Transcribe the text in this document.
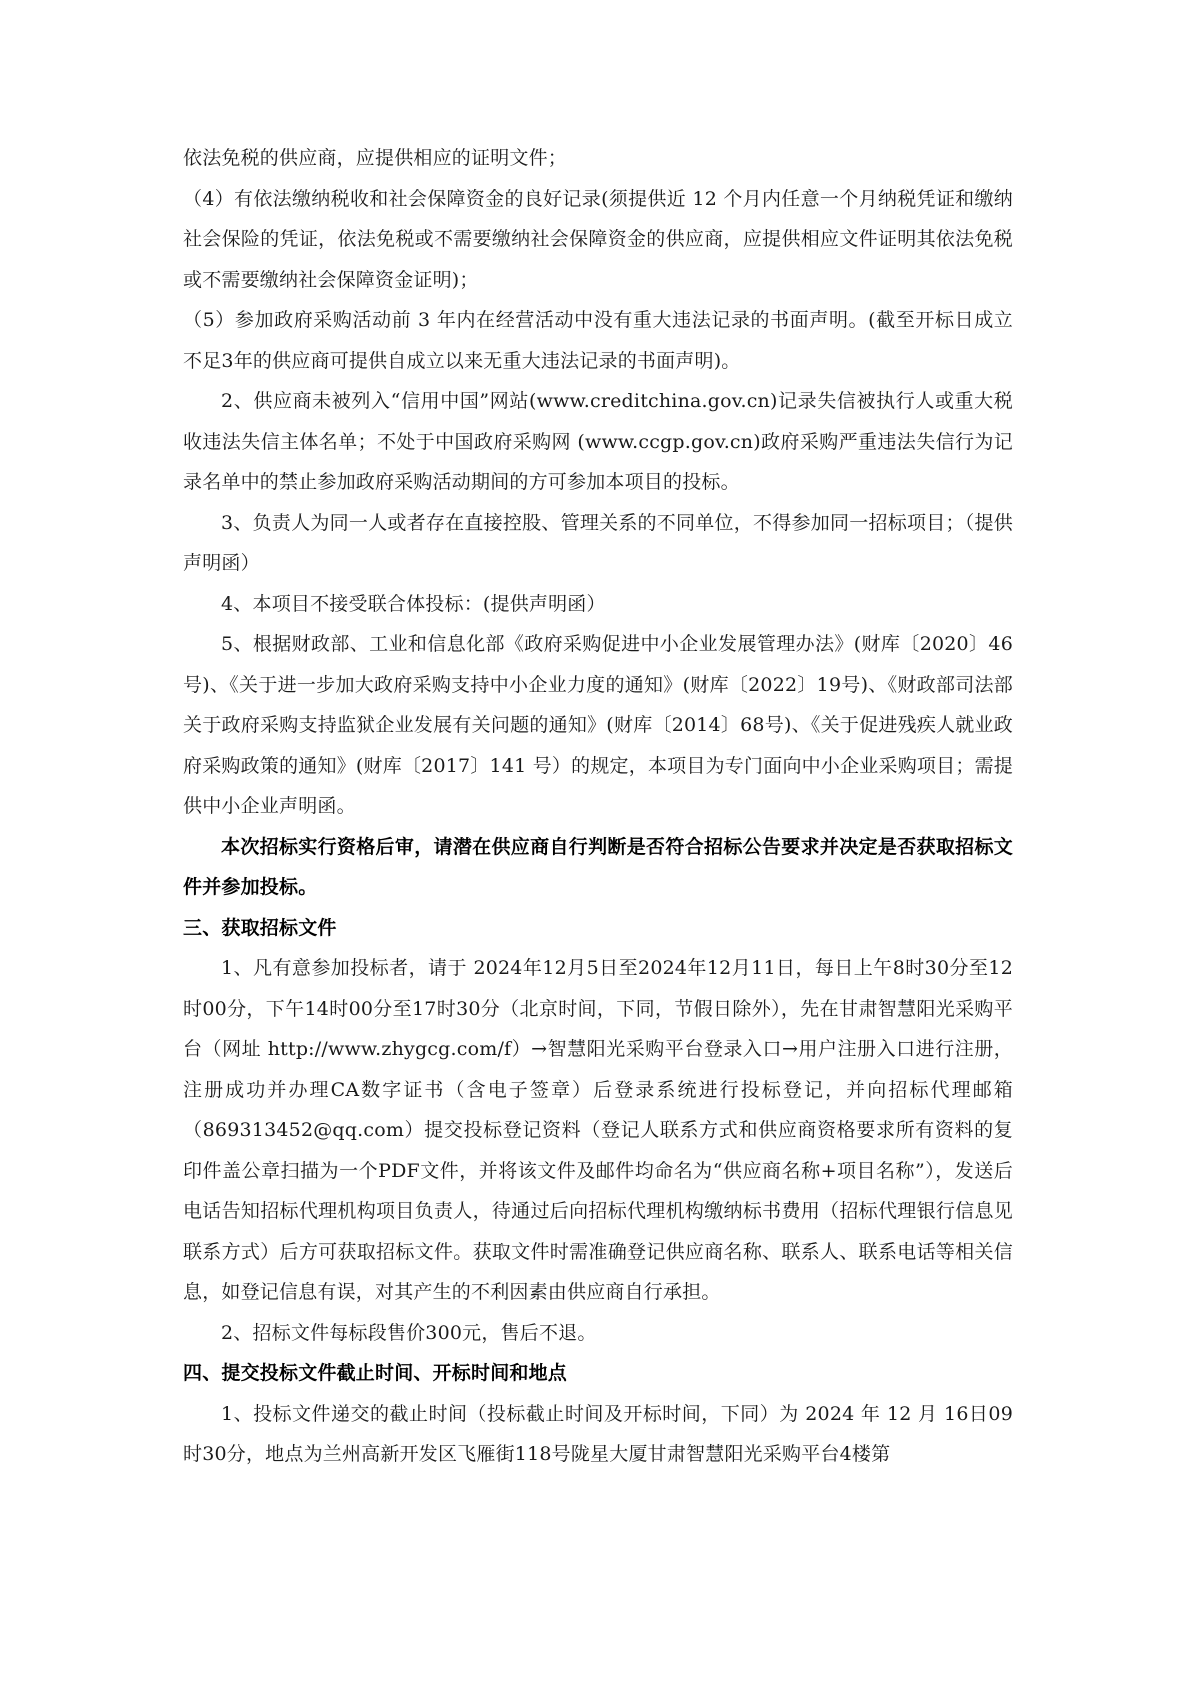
依法免税的供应商，应提供相应的证明文件；

（4）有依法缴纳税收和社会保障资金的良好记录(须提供近 12 个月内任意一个月纳税凭证和缴纳社会保险的凭证，依法免税或不需要缴纳社会保障资金的供应商，应提供相应文件证明其依法免税或不需要缴纳社会保障资金证明)；

（5）参加政府采购活动前 3 年内在经营活动中没有重大违法记录的书面声明。(截至开标日成立不足3年的供应商可提供自成立以来无重大违法记录的书面声明)。

2、供应商未被列入“信用中国”网站(www.creditchina.gov.cn)记录失信被执行人或重大税收违法失信主体名单；不处于中国政府采购网 (www.ccgp.gov.cn)政府采购严重违法失信行为记录名单中的禁止参加政府采购活动期间的方可参加本项目的投标。

3、负责人为同一人或者存在直接控股、管理关系的不同单位，不得参加同一招标项目；（提供声明函）

4、本项目不接受联合体投标：(提供声明函）

5、根据财政部、工业和信息化部《政府采购促进中小企业发展管理办法》(财库〔2020〕46号)、《关于进一步加大政府采购支持中小企业力度的通知》(财库〔2022〕19号)、《财政部司法部关于政府采购支持监狱企业发展有关问题的通知》(财库〔2014〕68号)、《关于促进残疾人就业政府采购政策的通知》(财库〔2017〕141 号）的规定，本项目为专门面向中小企业采购项目；需提供中小企业声明函。

本次招标实行资格后审，请潜在供应商自行判断是否符合招标公告要求并决定是否获取招标文件并参加投标。

三、获取招标文件

1、凡有意参加投标者，请于 2024年12月5日至2024年12月11日，每日上午8时30分至12时00分，下午14时00分至17时30分（北京时间，下同，节假日除外），先在甘肃智慧阳光采购平台（网址 http://www.zhygcg.com/f）→智慧阳光采购平台登录入口→用户注册入口进行注册，注册成功并办理CA数字证书（含电子签章）后登录系统进行投标登记，并向招标代理邮箱（869313452@qq.com）提交投标登记资料（登记人联系方式和供应商资格要求所有资料的复印件盖公章扫描为一个PDF文件，并将该文件及邮件均命名为“供应商名称+项目名称”），发送后电话告知招标代理机构项目负责人，待通过后向招标代理机构缴纳标书费用（招标代理银行信息见联系方式）后方可获取招标文件。获取文件时需准确登记供应商名称、联系人、联系电话等相关信息，如登记信息有误，对其产生的不利因素由供应商自行承担。

2、招标文件每标段售价300元，售后不退。

四、提交投标文件截止时间、开标时间和地点

1、投标文件递交的截止时间（投标截止时间及开标时间，下同）为 2024 年 12 月 16日09时30分，地点为兰州高新开发区飞雁街118号陇星大厦甘肃智慧阳光采购平台4楼第
